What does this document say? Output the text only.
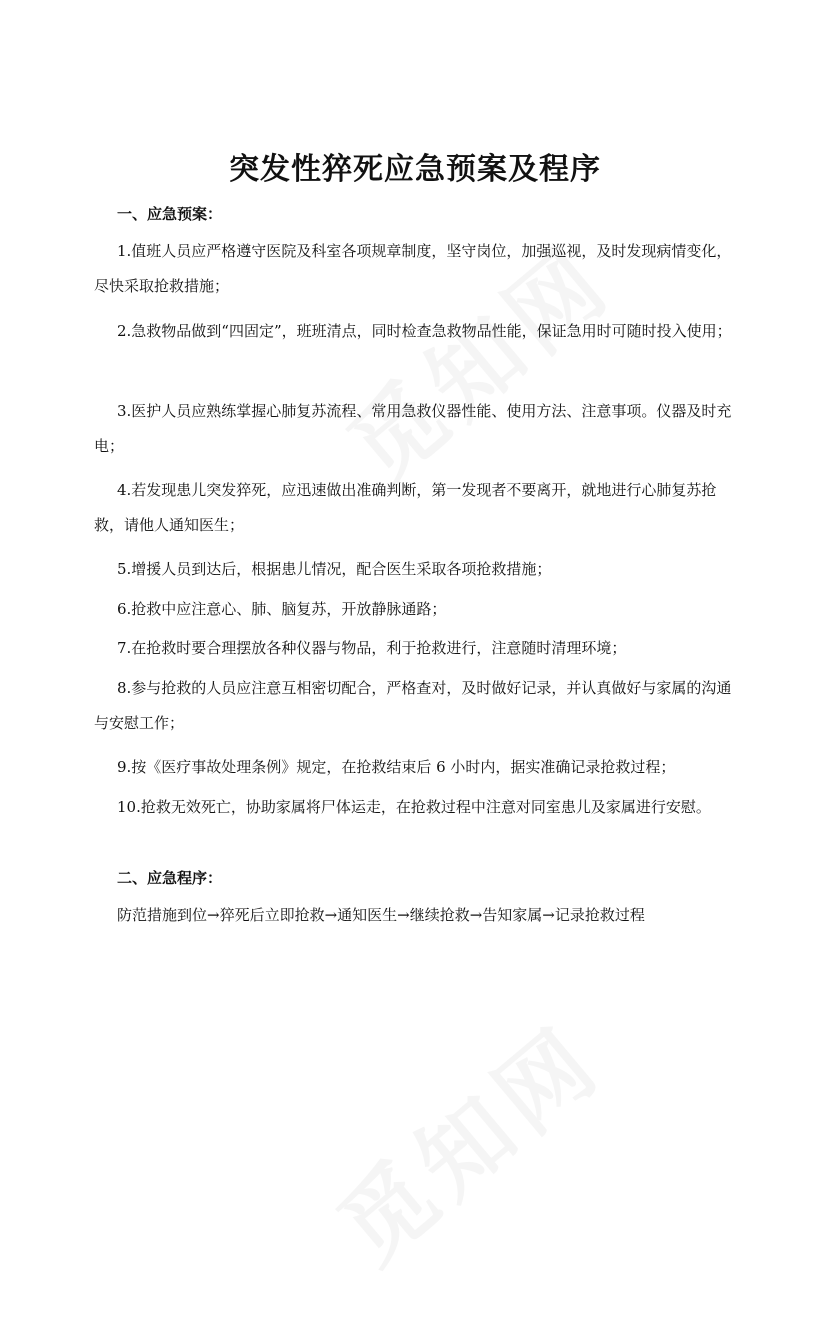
突发性猝死应急预案及程序
一、应急预案：

1.值班人员应严格遵守医院及科室各项规章制度，坚守岗位，加强巡视，及时发现病情变化，尽快采取抢救措施；

2.急救物品做到“四固定”，班班清点，同时检查急救物品性能，保证急用时可随时投入使用；

3.医护人员应熟练掌握心肺复苏流程、常用急救仪器性能、使用方法、注意事项。仪器及时充电；

4.若发现患儿突发猝死，应迅速做出准确判断，第一发现者不要离开，就地进行心肺复苏抢救，请他人通知医生；

5.增援人员到达后，根据患儿情况，配合医生采取各项抢救措施；

6.抢救中应注意心、肺、脑复苏，开放静脉通路；

7.在抢救时要合理摆放各种仪器与物品，利于抢救进行，注意随时清理环境；

8.参与抢救的人员应注意互相密切配合，严格查对，及时做好记录，并认真做好与家属的沟通与安慰工作；

9.按《医疗事故处理条例》规定，在抢救结束后 6 小时内，据实准确记录抢救过程；

10.抢救无效死亡，协助家属将尸体运走，在抢救过程中注意对同室患儿及家属进行安慰。

二、应急程序：

防范措施到位→猝死后立即抢救→通知医生→继续抢救→告知家属→记录抢救过程
